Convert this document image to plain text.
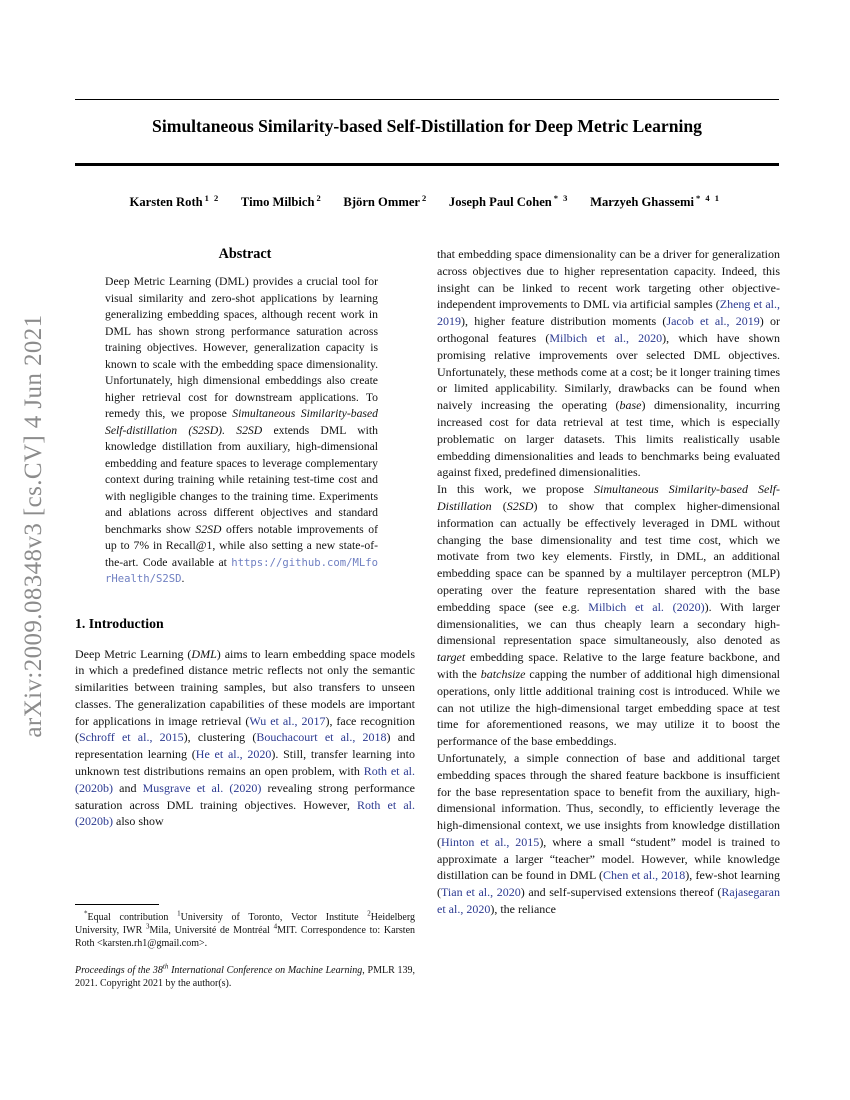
arXiv:2009.08348v3 [cs.CV] 4 Jun 2021
Simultaneous Similarity-based Self-Distillation for Deep Metric Learning
Karsten Roth $^{1 2}$ Timo Milbich $^2$ Björn Ommer $^2$ Joseph Paul Cohen $^{* 3}$ Marzyeh Ghassemi $^{* 4 1}$
Abstract

Deep Metric Learning (DML) provides a crucial tool for visual similarity and zero-shot applications by learning generalizing embedding spaces, although recent work in DML has shown strong performance saturation across training objectives. However, generalization capacity is known to scale with the embedding space dimensionality. Unfortunately, high dimensional embeddings also create higher retrieval cost for downstream applications. To remedy this, we propose Simultaneous Similarity-based Self-distillation (S2SD). S2SD extends DML with knowledge distillation from auxiliary, high-dimensional embedding and feature spaces to leverage complementary context during training while retaining test-time cost and with negligible changes to the training time. Experiments and ablations across different objectives and standard benchmarks show S2SD offers notable improvements of up to 7% in Recall@1, while also setting a new state-of-the-art. Code available at https://github.com/MLforHealth/S2SD.

1. Introduction

Deep Metric Learning (DML) aims to learn embedding space models in which a predefined distance metric reflects not only the semantic similarities between training samples, but also transfers to unseen classes. The generalization capabilities of these models are important for applications in image retrieval (Wu et al., 2017), face recognition (Schroff et al., 2015), clustering (Bouchacourt et al., 2018) and representation learning (He et al., 2020). Still, transfer learning into unknown test distributions remains an open problem, with Roth et al. (2020b) and Musgrave et al. (2020) revealing strong performance saturation across DML training objectives. However, Roth et al. (2020b) also show

*Equal contribution $^1$University of Toronto, Vector Institute $^2$Heidelberg University, IWR $^3$Mila, Université de Montréal $^4$MIT. Correspondence to: Karsten Roth <karsten.rh1@gmail.com>.

Proceedings of the 38th International Conference on Machine Learning, PMLR 139, 2021. Copyright 2021 by the author(s).

that embedding space dimensionality can be a driver for generalization across objectives due to higher representation capacity. Indeed, this insight can be linked to recent work targeting other objective-independent improvements to DML via artificial samples (Zheng et al., 2019), higher feature distribution moments (Jacob et al., 2019) or orthogonal features (Milbich et al., 2020), which have shown promising relative improvements over selected DML objectives. Unfortunately, these methods come at a cost; be it longer training times or limited applicability. Similarly, drawbacks can be found when naively increasing the operating (base) dimensionality, incurring increased cost for data retrieval at test time, which is especially problematic on larger datasets. This limits realistically usable embedding dimensionalities and leads to benchmarks being evaluated against fixed, predefined dimensionalities.

In this work, we propose Simultaneous Similarity-based Self-Distillation (S2SD) to show that complex higher-dimensional information can actually be effectively leveraged in DML without changing the base dimensionality and test time cost, which we motivate from two key elements. Firstly, in DML, an additional embedding space can be spanned by a multilayer perceptron (MLP) operating over the feature representation shared with the base embedding space (see e.g. Milbich et al. (2020)). With larger dimensionalities, we can thus cheaply learn a secondary high-dimensional representation space simultaneously, also denoted as target embedding space. Relative to the large feature backbone, and with the batchsize capping the number of additional high dimensional operations, only little additional training cost is introduced. While we can not utilize the high-dimensional target embedding space at test time for aforementioned reasons, we may utilize it to boost the performance of the base embeddings.

Unfortunately, a simple connection of base and additional target embedding spaces through the shared feature backbone is insufficient for the base representation space to benefit from the auxiliary, high-dimensional information. Thus, secondly, to efficiently leverage the high-dimensional context, we use insights from knowledge distillation (Hinton et al., 2015), where a small “student” model is trained to approximate a larger “teacher” model. However, while knowledge distillation can be found in DML (Chen et al., 2018), few-shot learning (Tian et al., 2020) and self-supervised extensions thereof (Rajasegaran et al., 2020), the reliance
